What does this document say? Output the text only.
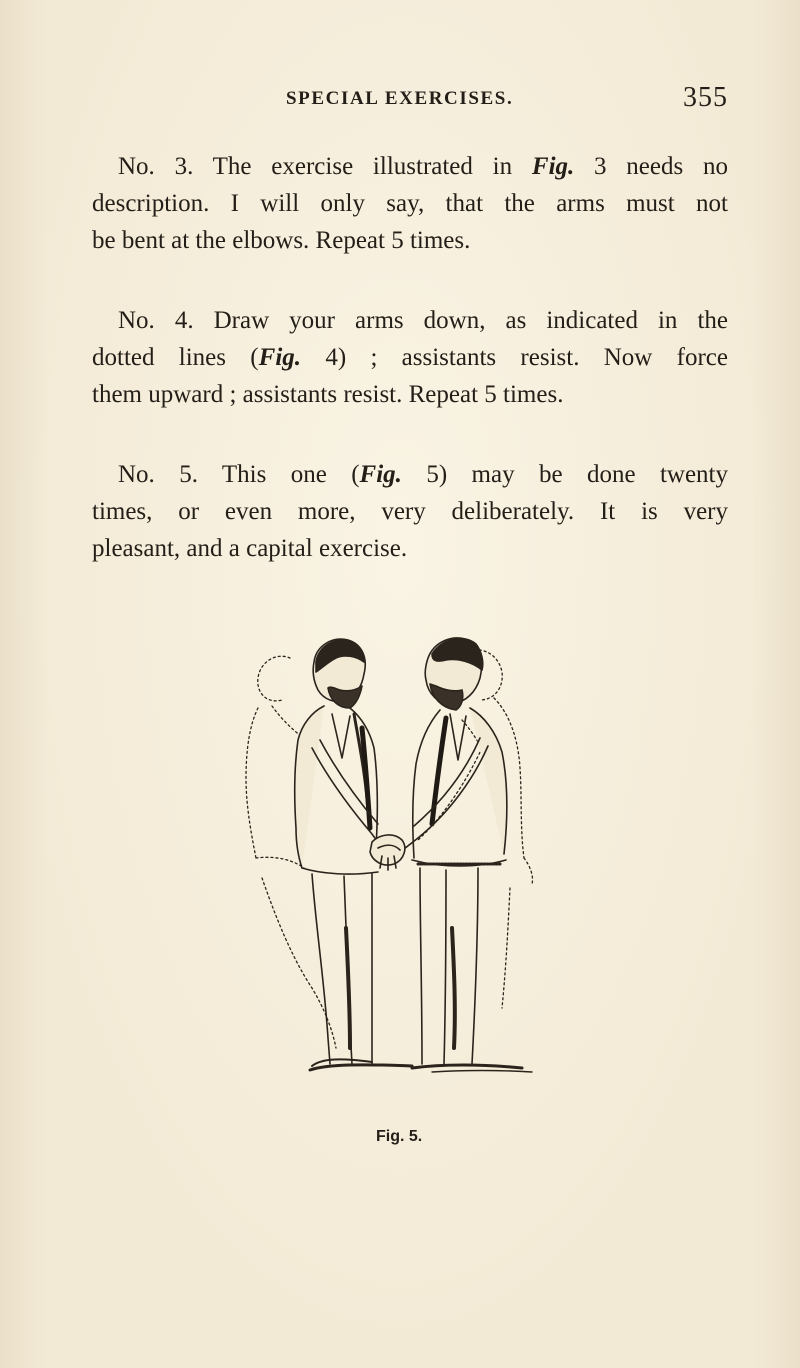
SPECIAL EXERCISES.	355
No. 3. The exercise illustrated in Fig. 3 needs no
description. I will only say, that the arms must not
be bent at the elbows. Repeat 5 times.
No. 4. Draw your arms down, as indicated in the
dotted lines (Fig. 4) ; assistants resist. Now force
them upward ; assistants resist. Repeat 5 times.
No. 5. This one (Fig. 5) may be done twenty
times, or even more, very deliberately. It is very
pleasant, and a capital exercise.
Fig. 5.
